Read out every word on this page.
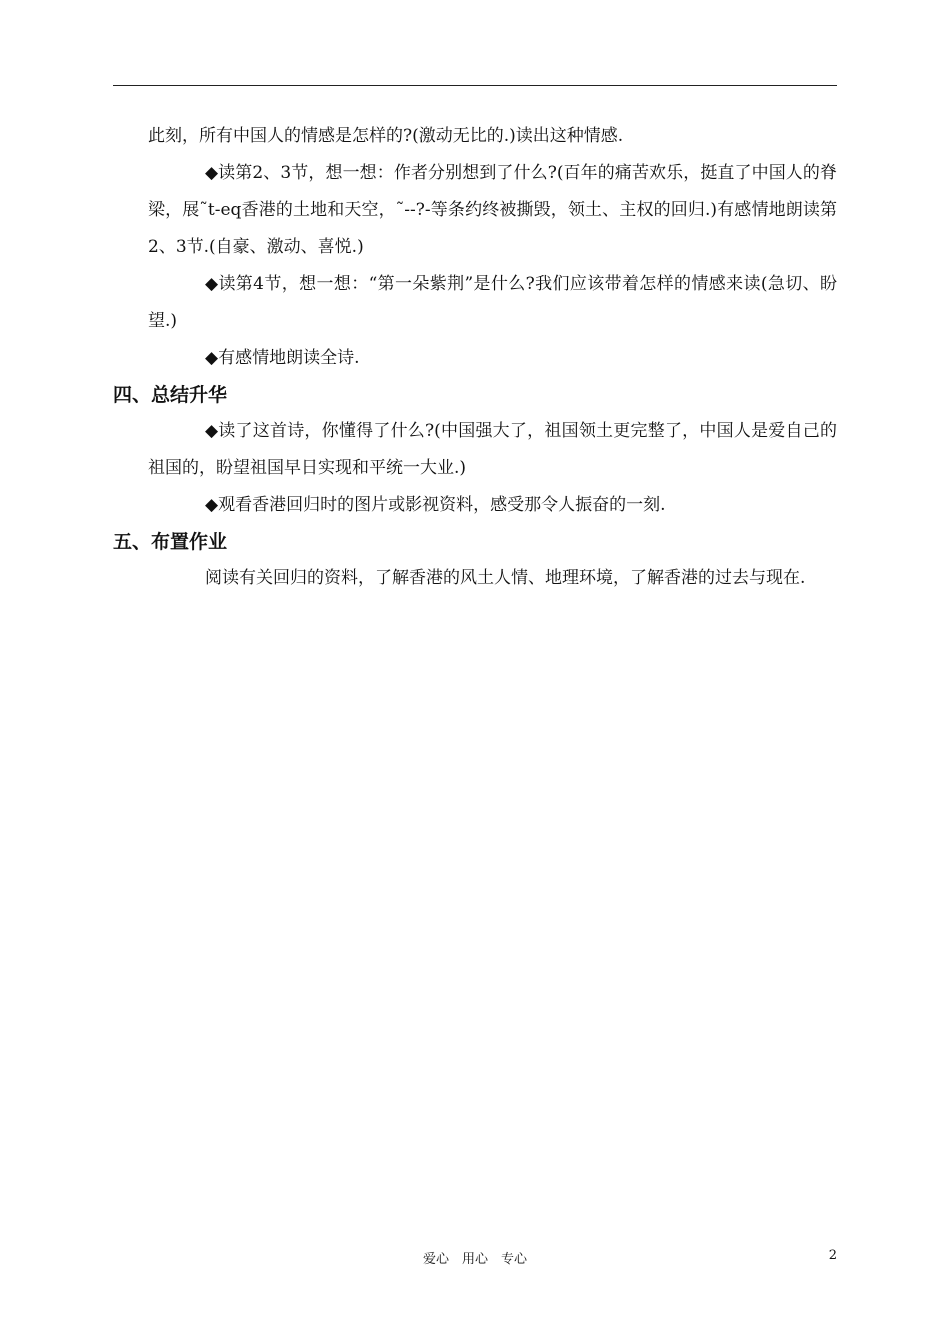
此刻，所有中国人的情感是怎样的?(激动无比的.)读出这种情感.

◆读第2、3节，想一想：作者分别想到了什么?(百年的痛苦欢乐，挺直了中国人的脊梁，展˜t-eq香港的土地和天空，˜--?-等条约终被撕毁，领土、主权的回归.)有感情地朗读第2、3节.(自豪、激动、喜悦.)

◆读第4节，想一想：“第一朵紫荆”是什么?我们应该带着怎样的情感来读(急切、盼望.)

◆有感情地朗读全诗.

四、总结升华

◆读了这首诗，你懂得了什么?(中国强大了，祖国领土更完整了，中国人是爱自己的祖国的，盼望祖国早日实现和平统一大业.)

◆观看香港回归时的图片或影视资料，感受那令人振奋的一刻.

五、布置作业

阅读有关回归的资料，了解香港的风土人情、地理环境，了解香港的过去与现在.

爱心　用心　专心	2
